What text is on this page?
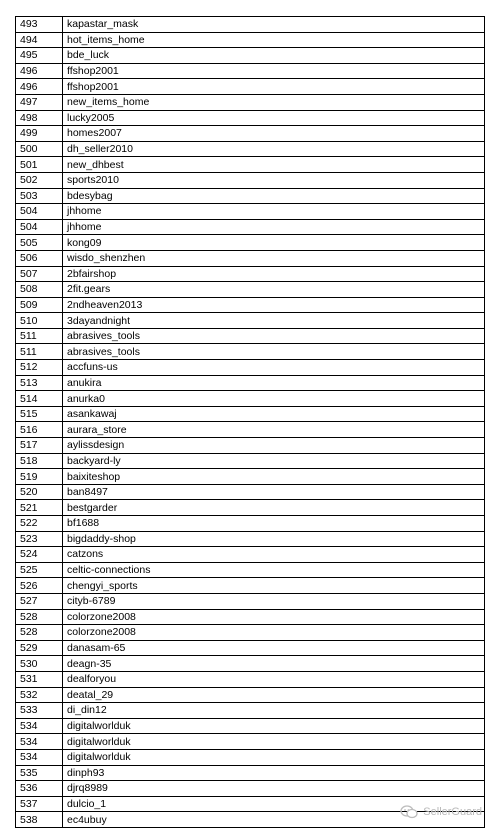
493	kapastar_mask
494	hot_items_home
495	bde_luck
496	ffshop2001
496	ffshop2001
497	new_items_home
498	lucky2005
499	homes2007
500	dh_seller2010
501	new_dhbest
502	sports2010
503	bdesybag
504	jhhome
504	jhhome
505	kong09
506	wisdo_shenzhen
507	2bfairshop
508	2fit.gears
509	2ndheaven2013
510	3dayandnight
511	abrasives_tools
511	abrasives_tools
512	accfuns-us
513	anukira
514	anurka0
515	asankawaj
516	aurara_store
517	aylissdesign
518	backyard-ly
519	baixiteshop
520	ban8497
521	bestgarder
522	bf1688
523	bigdaddy-shop
524	catzons
525	celtic-connections
526	chengyi_sports
527	cityb-6789
528	colorzone2008
528	colorzone2008
529	danasam-65
530	deagn-35
531	dealforyou
532	deatal_29
533	di_din12
534	digitalworlduk
534	digitalworlduk
534	digitalworlduk
535	dinph93
536	djrq8989
537	dulcio_1
538	ec4ubuy
SellerGuard
